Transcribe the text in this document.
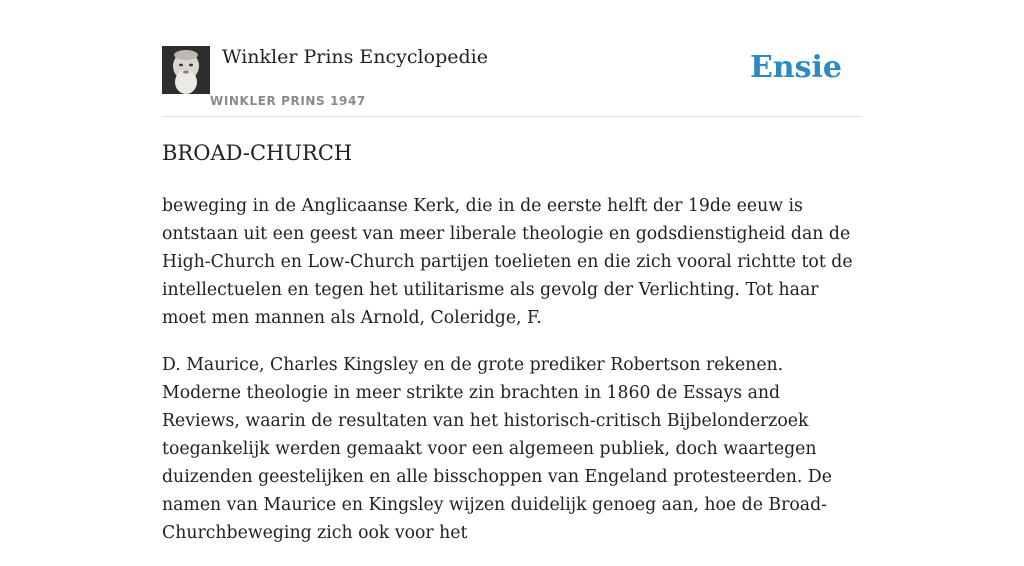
Winkler Prins Encyclopedie
WINKLER PRINS 1947
Ensie
BROAD-CHURCH

beweging in de Anglicaanse Kerk, die in de eerste helft der 19de eeuw is ontstaan uit een geest van meer liberale theologie en godsdienstigheid dan de High-Church en Low-Church partijen toelieten en die zich vooral richtte tot de intellectuelen en tegen het utilitarisme als gevolg der Verlichting. Tot haar moet men mannen als Arnold, Coleridge, F.

D. Maurice, Charles Kingsley en de grote prediker Robertson rekenen. Moderne theologie in meer strikte zin brachten in 1860 de Essays and Reviews, waarin de resultaten van het historisch-critisch Bijbelonderzoek toegankelijk werden gemaakt voor een algemeen publiek, doch waartegen duizenden geestelijken en alle bisschoppen van Engeland protesteerden. De namen van Maurice en Kingsley wijzen duidelijk genoeg aan, hoe de Broad-Churchbeweging zich ook voor het
